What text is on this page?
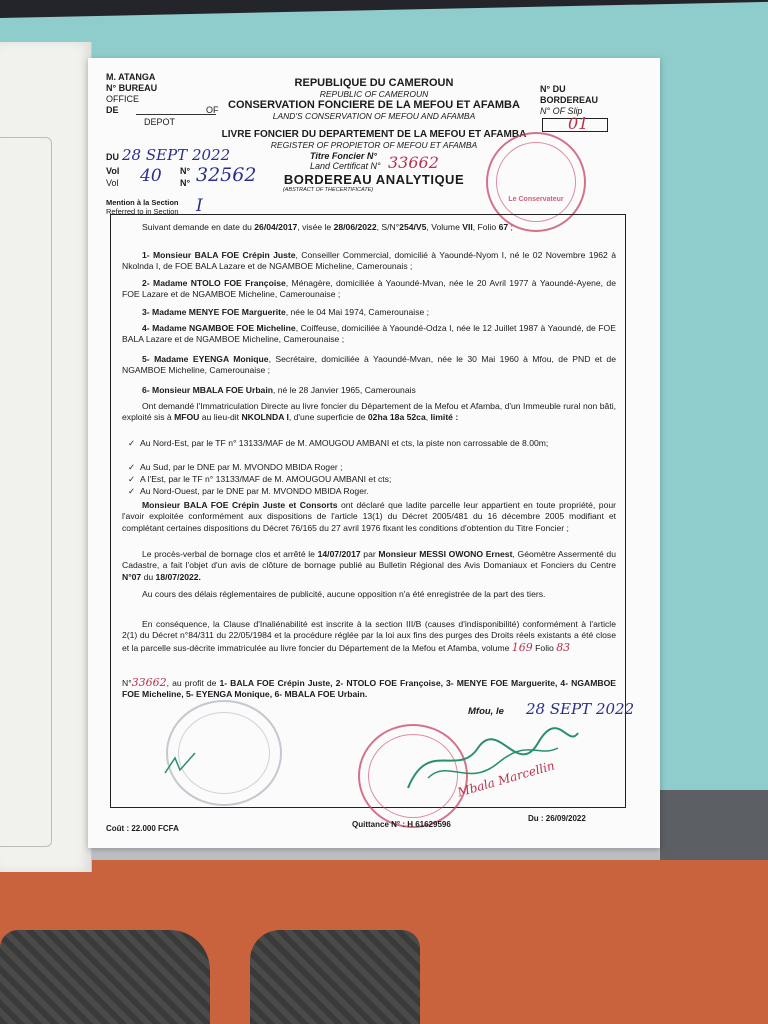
M. ATANGA
N° BUREAU
OFFICE
DE	OF
DEPOT
DU 28 SEPT 2022
Vol
Vol 40 N°
N° 32562
Mention à la Section
Referred to in Section I
REPUBLIQUE DU CAMEROUN
REPUBLIC OF CAMEROUN
CONSERVATION FONCIERE DE LA MEFOU ET AFAMBA
LAND'S CONSERVATION OF MEFOU AND AFAMBA
LIVRE FONCIER DU DEPARTEMENT DE LA MEFOU ET AFAMBA
REGISTER OF PROPIETOR OF MEFOU ET AFAMBA
Titre Foncier N°
Land Certificat N° 33662
BORDEREAU ANALYTIQUE
(ABSTRACT OF THECERTIFICATE)
N° DU
BORDEREAU
N° OF Slip
01
Le Conservateur
Suivant demande en date du 26/04/2017, visée le 28/06/2022, S/N°254/V5, Volume VII, Folio 67 ;
1- Monsieur BALA FOE Crépin Juste, Conseiller Commercial, domicilié à Yaoundé-Nyom I, né le 02 Novembre 1962 à Nkolnda I, de FOE BALA Lazare et de NGAMBOE Micheline, Camerounais ;
2- Madame NTOLO FOE Françoise, Ménagère, domiciliée à Yaoundé-Mvan, née le 20 Avril 1977 à Yaoundé-Ayene, de FOE Lazare et de NGAMBOE Micheline, Camerounaise ;
3- Madame MENYE FOE Marguerite, née le 04 Mai 1974, Camerounaise ;
4- Madame NGAMBOE FOE Micheline, Coiffeuse, domiciliée à Yaoundé-Odza I, née le 12 Juillet 1987 à Yaoundé, de FOE BALA Lazare et de NGAMBOE Micheline, Camerounaise ;
5- Madame EYENGA Monique, Secrétaire, domiciliée à Yaoundé-Mvan, née le 30 Mai 1960 à Mfou, de PND et de NGAMBOE Micheline, Camerounaise ;
6- Monsieur MBALA FOE Urbain, né le 28 Janvier 1965, Camerounais
Ont demandé l'Immatriculation Directe au livre foncier du Département de la Mefou et Afamba, d'un Immeuble rural non bâti, exploité sis à MFOU au lieu-dit NKOLNDA I, d'une superficie de 02ha 18a 52ca, limité :
✓ Au Nord-Est, par le TF n° 13133/MAF de M. AMOUGOU AMBANI et cts, la piste non carrossable de 8.00m;
✓ Au Sud, par le DNE par M. MVONDO MBIDA Roger ;
✓ A l'Est, par le TF n° 13133/MAF de M. AMOUGOU AMBANI et cts;
✓ Au Nord-Ouest, par le DNE par M. MVONDO MBIDA Roger.
Monsieur BALA FOE Crépin Juste et Consorts ont déclaré que ladite parcelle leur appartient en toute propriété, pour l'avoir exploitée conformément aux dispositions de l'article 13(1) du Décret 2005/481 du 16 décembre 2005 modifiant et complétant certaines dispositions du Décret 76/165 du 27 avril 1976 fixant les conditions d'obtention du Titre Foncier ;
Le procès-verbal de bornage clos et arrêté le 14/07/2017 par Monsieur MESSI OWONO Ernest, Géomètre Assermenté du Cadastre, a fait l'objet d'un avis de clôture de bornage publié au Bulletin Régional des Avis Domaniaux et Fonciers du Centre N°07 du 18/07/2022.
Au cours des délais réglementaires de publicité, aucune opposition n'a été enregistrée de la part des tiers.
En conséquence, la Clause d'Inaliénabilité est inscrite à la section III/B (causes d'indisponibilité) conformément à l'article 2(1) du Décret n°84/311 du 22/05/1984 et la procédure réglée par la loi aux fins des purges des Droits réels existants a été close et la parcelle sus-décrite immatriculée au livre foncier du Département de la Mefou et Afamba, volume 169 Folio 83
N°33662, au profit de 1- BALA FOE Crépin Juste, 2- NTOLO FOE Françoise, 3- MENYE FOE Marguerite, 4- NGAMBOE FOE Micheline, 5- EYENGA Monique, 6- MBALA FOE Urbain.
Mfou, le 28 SEPT 2022
Mbala Marcellin
Coût : 22.000 FCFA	Quittance N° : H 61629596
Du : 26/09/2022
